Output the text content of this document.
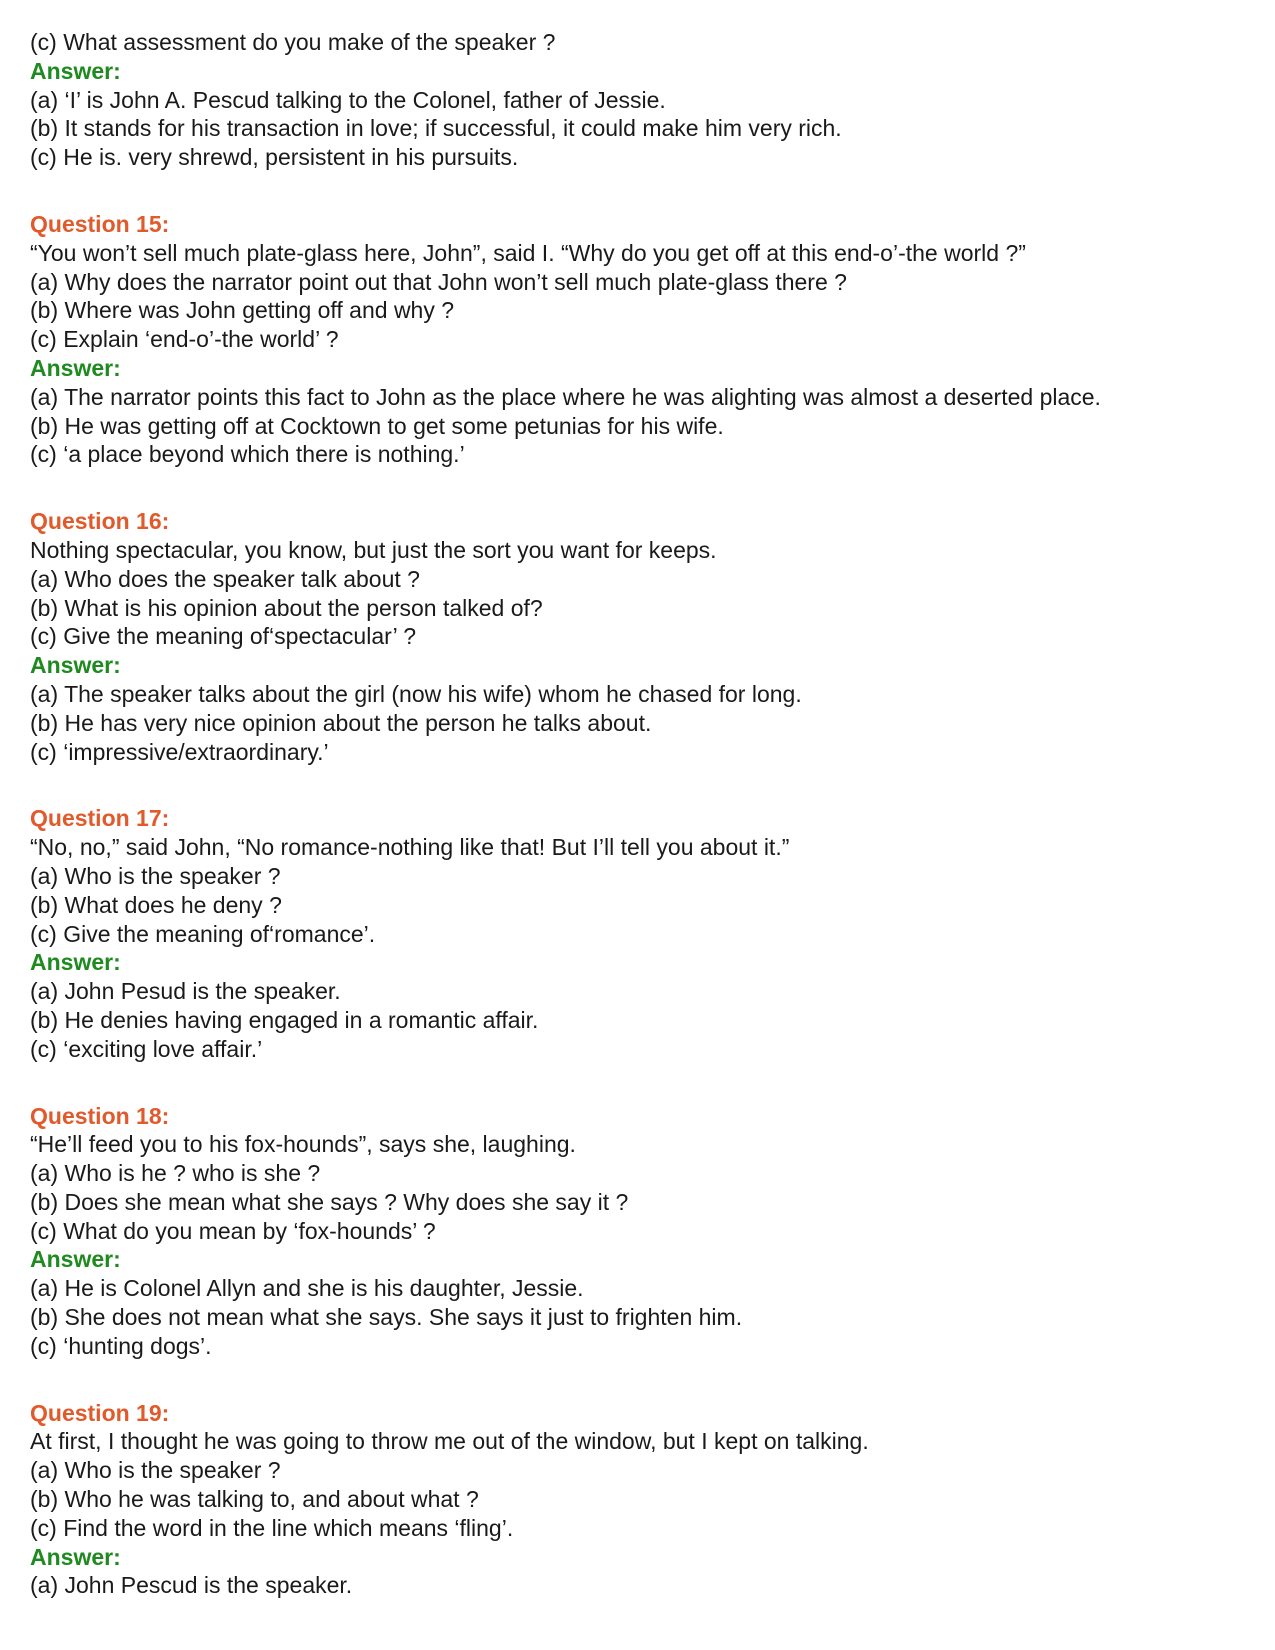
(c) What assessment do you make of the speaker ?
Answer:
(a) ‘I’ is John A. Pescud talking to the Colonel, father of Jessie.
(b) It stands for his transaction in love; if successful, it could make him very rich.
(c) He is. very shrewd, persistent in his pursuits.
Question 15:
“You won’t sell much plate-glass here, John”, said I. “Why do you get off at this end-o’-the world ?”
(a) Why does the narrator point out that John won’t sell much plate-glass there ?
(b) Where was John getting off and why ?
(c) Explain ‘end-o’-the world’ ?
Answer:
(a) The narrator points this fact to John as the place where he was alighting was almost a deserted place.
(b) He was getting off at Cocktown to get some petunias for his wife.
(c) ‘a place beyond which there is nothing.’
Question 16:
Nothing spectacular, you know, but just the sort you want for keeps.
(a) Who does the speaker talk about ?
(b) What is his opinion about the person talked of?
(c) Give the meaning of‘spectacular’ ?
Answer:
(a) The speaker talks about the girl (now his wife) whom he chased for long.
(b) He has very nice opinion about the person he talks about.
(c) ‘impressive/extraordinary.’
Question 17:
“No, no,” said John, “No romance-nothing like that! But I’ll tell you about it.”
(a) Who is the speaker ?
(b) What does he deny ?
(c) Give the meaning of‘romance’.
Answer:
(a) John Pesud is the speaker.
(b) He denies having engaged in a romantic affair.
(c) ‘exciting love affair.’
Question 18:
“He’ll feed you to his fox-hounds”, says she, laughing.
(a) Who is he ? who is she ?
(b) Does she mean what she says ? Why does she say it ?
(c) What do you mean by ‘fox-hounds’ ?
Answer:
(a) He is Colonel Allyn and she is his daughter, Jessie.
(b) She does not mean what she says. She says it just to frighten him.
(c) ‘hunting dogs’.
Question 19:
At first, I thought he was going to throw me out of the window, but I kept on talking.
(a) Who is the speaker ?
(b) Who he was talking to, and about what ?
(c) Find the word in the line which means ‘fling’.
Answer:
(a) John Pescud is the speaker.
